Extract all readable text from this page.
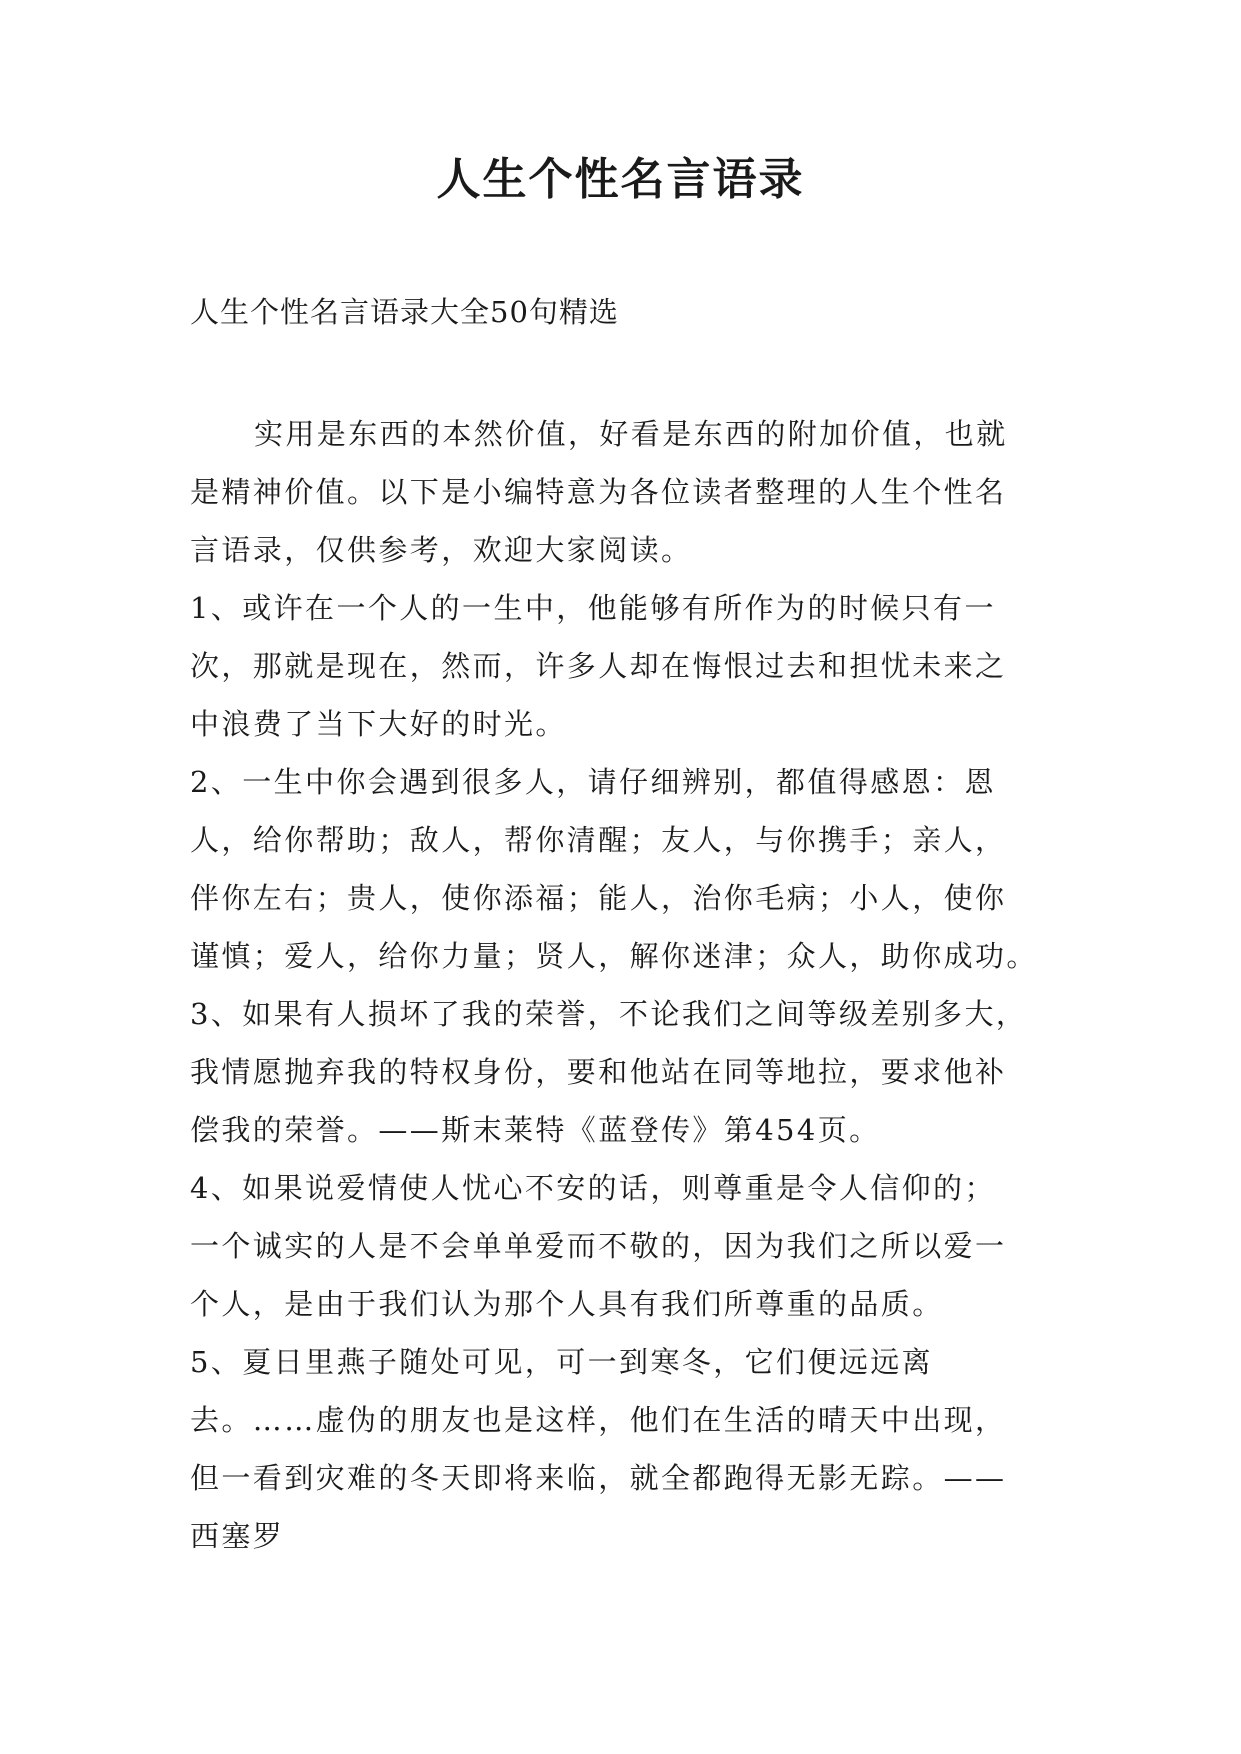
人生个性名言语录

人生个性名言语录大全50句精选

实用是东西的本然价值，好看是东西的附加价值，也就
是精神价值。以下是小编特意为各位读者整理的人生个性名
言语录，仅供参考，欢迎大家阅读。
1、或许在一个人的一生中，他能够有所作为的时候只有一
次，那就是现在，然而，许多人却在悔恨过去和担忧未来之
中浪费了当下大好的时光。
2、一生中你会遇到很多人，请仔细辨别，都值得感恩：恩
人，给你帮助；敌人，帮你清醒；友人，与你携手；亲人，
伴你左右；贵人，使你添福；能人，治你毛病；小人，使你
谨慎；爱人，给你力量；贤人，解你迷津；众人，助你成功。
3、如果有人损坏了我的荣誉，不论我们之间等级差别多大，
我情愿抛弃我的特权身份，要和他站在同等地拉，要求他补
偿我的荣誉。——斯末莱特《蓝登传》第454页。
4、如果说爱情使人忧心不安的话，则尊重是令人信仰的；
一个诚实的人是不会单单爱而不敬的，因为我们之所以爱一
个人，是由于我们认为那个人具有我们所尊重的品质。
5、夏日里燕子随处可见，可一到寒冬，它们便远远离
去。……虚伪的朋友也是这样，他们在生活的晴天中出现，
但一看到灾难的冬天即将来临，就全都跑得无影无踪。——
西塞罗
